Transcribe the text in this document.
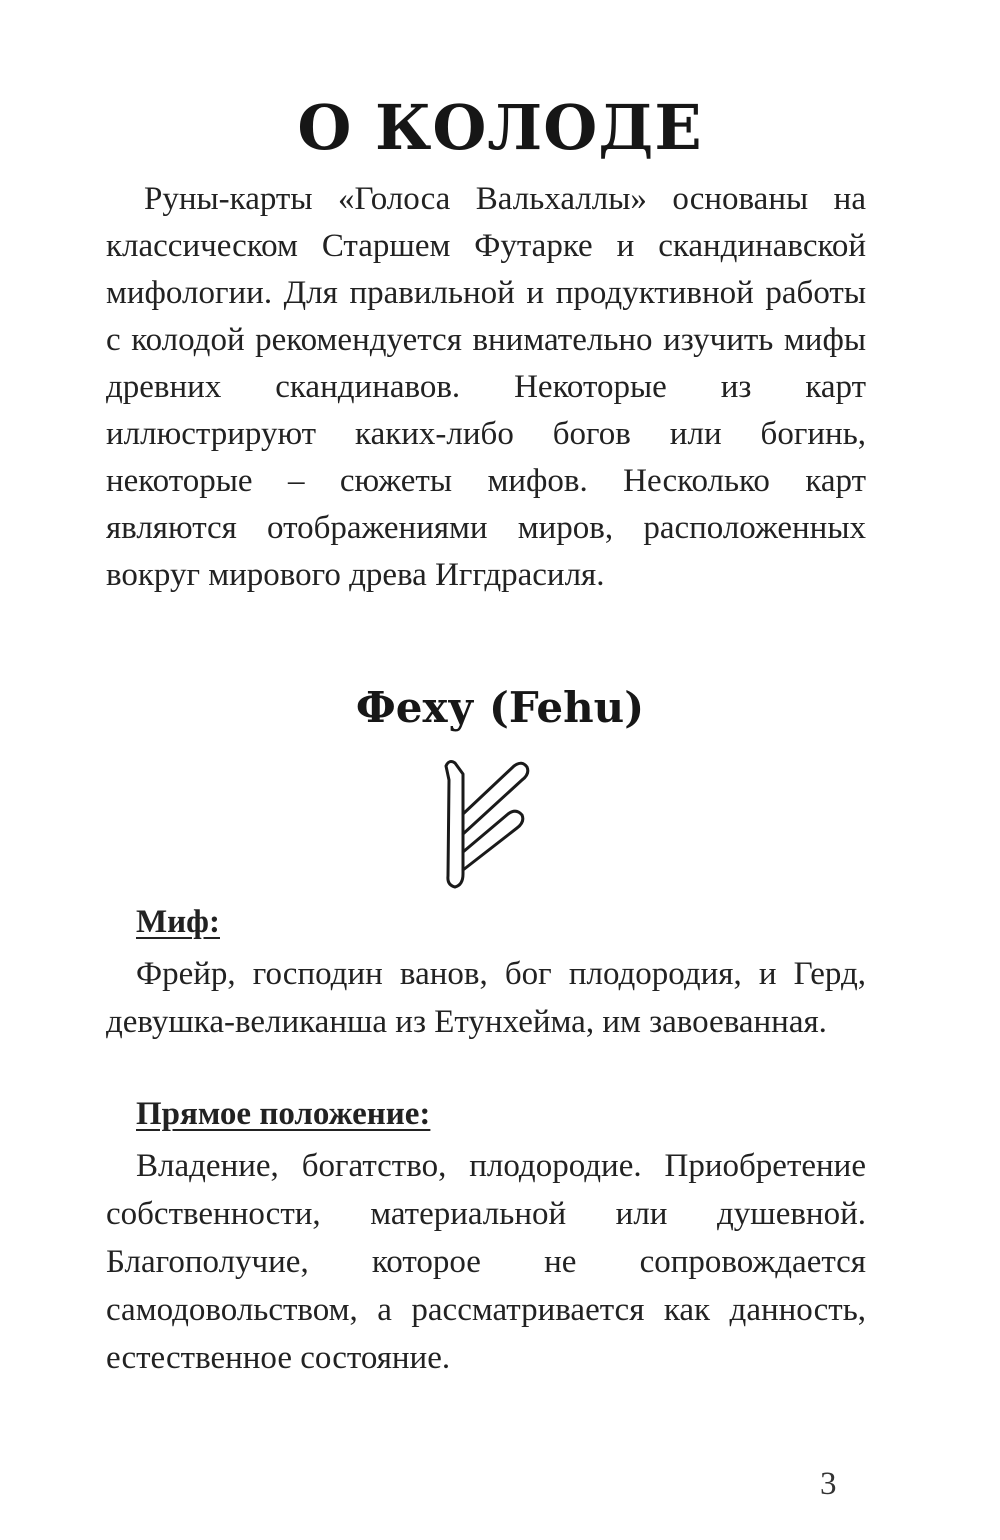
О КОЛОДЕ

Руны-карты «Голоса Вальхаллы» основаны на классическом Старшем Футарке и скандинавской мифологии. Для правильной и продуктивной работы с колодой рекомендуется внимательно изучить мифы древних скандинавов. Некоторые из карт иллюстрируют каких-либо богов или богинь, некоторые – сюжеты мифов. Несколько карт являются отображениями миров, расположенных вокруг мирового древа Иггдрасиля.

Феху (Fehu)
Миф:

Фрейр, господин ванов, бог плодородия, и Герд, девушка-великанша из Етунхейма, им завоеванная.

Прямое положение:

Владение, богатство, плодородие. Приобретение собственности, материальной или душевной. Благополучие, которое не сопровождается самодовольством, а рассматривается как данность, естественное состояние.

3
